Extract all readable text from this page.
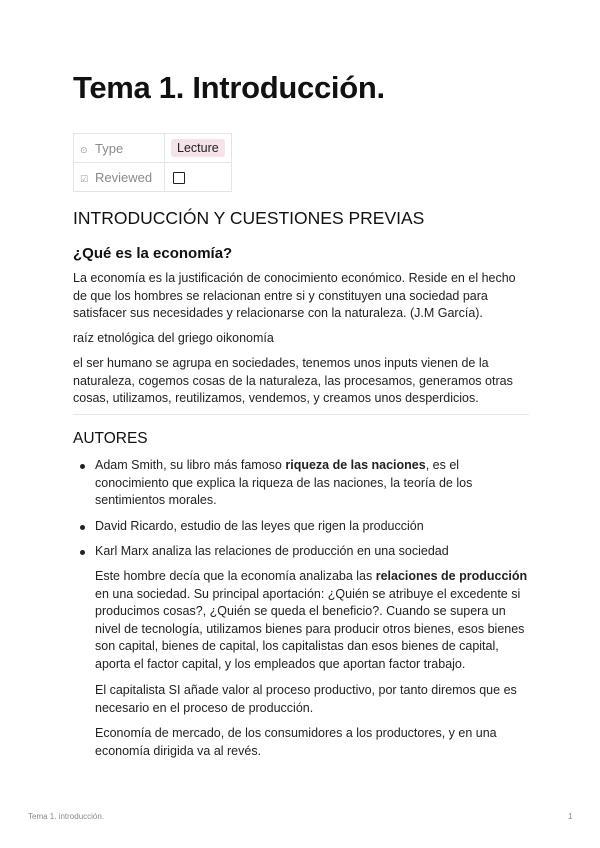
Tema 1. Introducción.
⊙ Type	Lecture
☑ Reviewed	
INTRODUCCIÓN Y CUESTIONES PREVIAS
¿Qué es la economía?

La economía es la justificación de conocimiento económico. Reside en el hecho de que los hombres se relacionan entre si y constituyen una sociedad para satisfacer sus necesidades y relacionarse con la naturaleza. (J.M García).

raíz etnológica del griego oikonomía

el ser humano se agrupa en sociedades, tenemos unos inputs vienen de la naturaleza, cogemos cosas de la naturaleza, las procesamos, generamos otras cosas, utilizamos, reutilizamos, vendemos, y creamos unos desperdicios.

AUTORES

Adam Smith, su libro más famoso riqueza de las naciones, es el conocimiento que explica la riqueza de las naciones, la teoría de los sentimientos morales.

David Ricardo, estudio de las leyes que rigen la producción

Karl Marx analiza las relaciones de producción en una sociedad

Este hombre decía que la economía analizaba las relaciones de producción en una sociedad. Su principal aportación: ¿Quién se atribuye el excedente si producimos cosas?, ¿Quién se queda el beneficio?. Cuando se supera un nivel de tecnología, utilizamos bienes para producir otros bienes, esos bienes son capital, bienes de capital, los capitalistas dan esos bienes de capital, aporta el factor capital, y los empleados que aportan factor trabajo.

El capitalista SI añade valor al proceso productivo, por tanto diremos que es necesario en el proceso de producción.

Economía de mercado, de los consumidores a los productores, y en una economía dirigida va al revés.

Tema 1. introducción.	1
